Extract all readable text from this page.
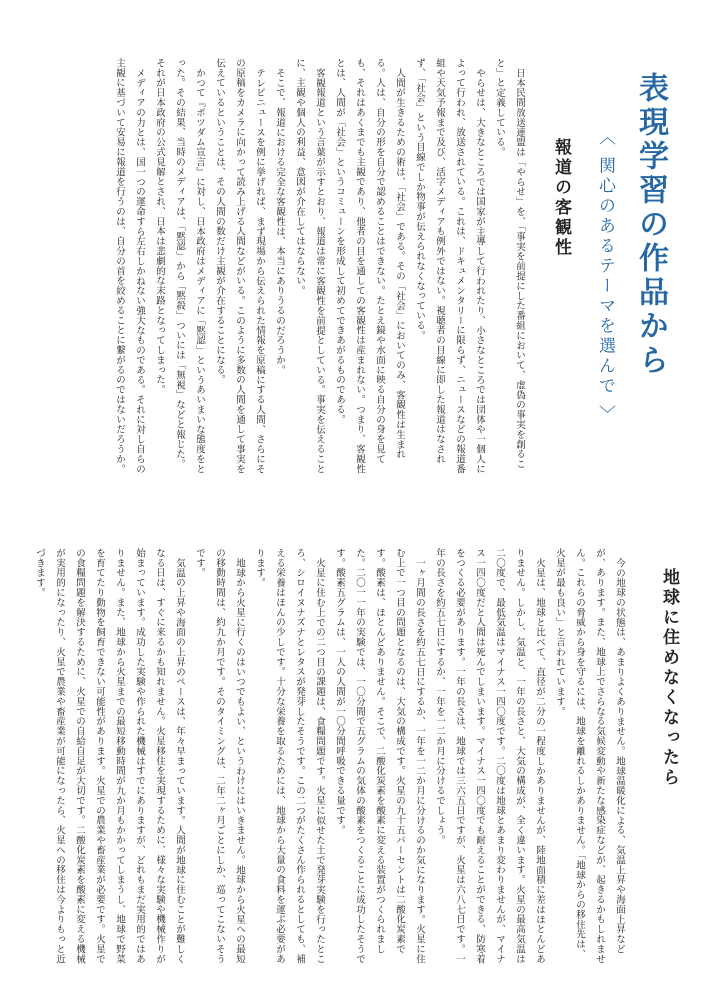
表現学習の作品から
〈 関心のあるテーマを選んで 〉
報道の客観性

日本民間放送連盟は「やらせ」を、「事実を前提にした番組において、虚偽の事実を創ること」と定義している。

やらせは、大きなところでは国家が主導して行われたり、小さなところでは団体や一個人によって行われ、放送されている。これは、ドキュメンタリーに限らず、ニュースなどの報道番組や天気予報まで及び、活字メディアも例外ではない。視聴者の目線に即した報道はなされず、「社会」という目線でしか物事が伝えられなくなっている。

人間が生きるための術は、「社会」である。その「社会」においてのみ、客観性は生まれる。人は、自分の形を自分で認めることはできない。たとえ鏡や水面に映る自分の身を見ても、それはあくまでも主観であり、他者の目を通しての客観性は産まれない。つまり、客観性とは、人間が「社会」というコミューンを形成して初めてできあがるものである。

客観報道という言葉が示すとおり、報道は常に客観性を前提としている。事実を伝えることに、主観や個人の利益、意図が介在してはならない。

そこで、報道における完全な客観性は、本当にありうるのだろうか。

テレビニュースを例に挙げれば、まず現場から伝えられた情報を原稿にする人間、さらにその原稿をカメラに向かって読み上げる人間などがいる。このように多数の人間を通して事実を伝えているということは、その人間の数だけ主観が介在することになる。

かつて『ポツダム宣言』に対し、日本政府はメディアに「黙認」というあいまいな態度をとった。その結果、当時のメディアは、「黙認」から「黙殺」ついには「無視」などと報じた。それが日本政府の公式見解とされ、日本は悲劇的な末路となってしまった。

メディアの力とは、国一つの運命すら左右しかねない強大なものである。それに対し自らの主観に基づいて安易に報道を行うのは、自分の首を絞めることに繋がるのではないだろうか。

地球に住めなくなったら

今の地球の状態は、あまりよくありません。地球温暖化による、気温上昇や海面上昇などが、あります。また、地球上でさらなる気候変動や新たな感染症などが、起きるかもしれません。これらの脅威から身を守るには、地球を離れるしかありません。「地球からの移住先は、火星が最も良い」と言われています。

火星は、地球と比べて、直径が二分の一程度しかありませんが、陸地面積に差はほとんどありません。しかし、気温と、一年の長さと、大気の構成が、全く違います。火星の最高気温は二〇度で、最低気温はマイナス一四〇度です。二〇度は地球とあまり変わりませんが、マイナス一四〇度だと人間は死んでしまいます。マイナス一四〇度でも耐えることができる、防寒着をつくる必要があります。一年の長さは、地球では三六五日ですが、火星は六八七日です。一年の長さを約五七日にするか、一年を一二か月に分けるでしょう。

一ヶ月間の長さを約五七日にするか、一年を一二か月に分けるのか気になります。火星に住む上で一つ目の問題となるのは、大気の構成です。火星の九十五パーセントは二酸化炭素です。酸素は、ほとんどありません。そこで、二酸化炭素を酸素に変える装置がつくられました。二〇一一年の実験では、一〇分間で五グラムの気体の酸素をつくることに成功したそうです。酸素五グラムは、一人の人間が一〇分間呼吸できる量です。

火星に住む上での二つ目の課題は、食糧問題です。火星に似せた土で発芽実験を行ったところ、シロイヌナズナとレタスが発芽したそうです。この二つがたくさん作られるとしても、補える栄養はほんの少しです。十分な栄養を取るためには、地球から大量の食料を運ぶ必要があります。

地球から火星に行くのはいつでもよい、というわけにはいきません。地球から火星への最短の移動時間は、約九か月です。そのタイミングは、二年二ヶ月ごとにしか、巡ってこないそうです。

気温の上昇や海面の上昇のペースは、年々早まっています。人間が地球に住むことが難しくなる日は、すぐに来るかも知れません。火星移住を実現するために、様々な実験や機械作りが始まっています。成功した実験や作られた機械はすでにありますが、どれもまだ実用的ではありません。また、地球から火星までの最短移動時間が九か月もかかってしまうし、地球で野菜を育てたり動物を飼育できない可能性があります。火星での農業や畜産業が必要です。火星での食糧問題を解決するために、火星での自給自足が大切です。二酸化炭素を酸素に変える機械が実用的になったり、火星で農業や畜産業が可能になったら、火星への移住は今よりもっと近づきます。
